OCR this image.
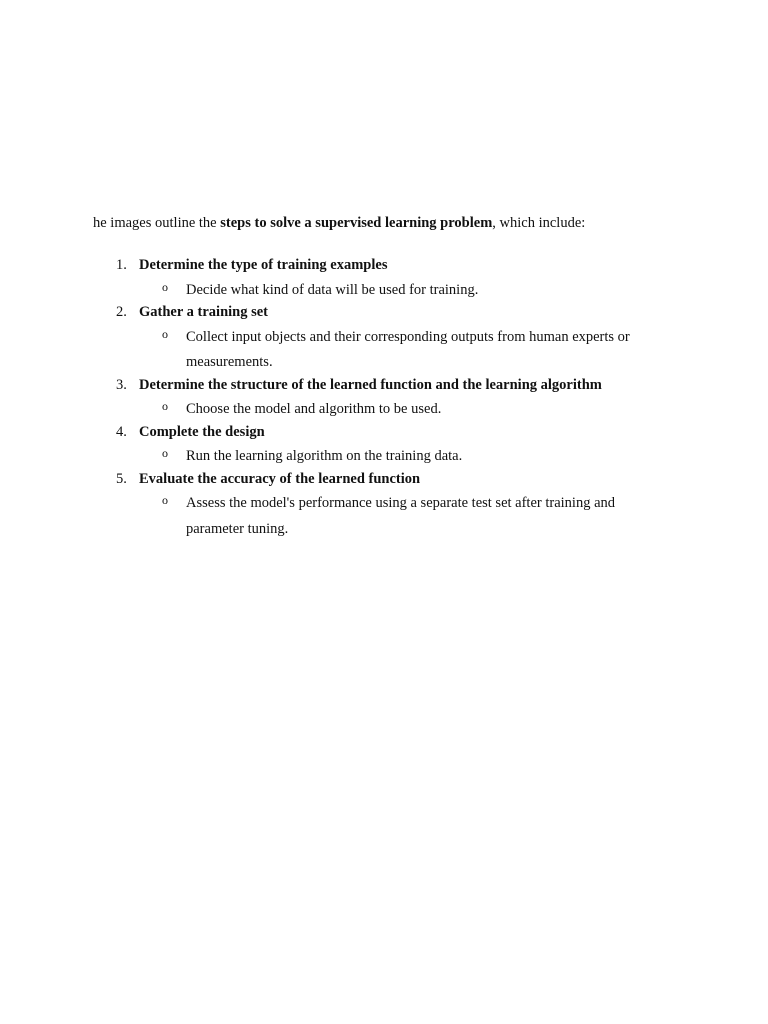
he images outline the steps to solve a supervised learning problem, which include:

1. Determine the type of training examples
o Decide what kind of data will be used for training.
2. Gather a training set
o Collect input objects and their corresponding outputs from human experts or measurements.
3. Determine the structure of the learned function and the learning algorithm
o Choose the model and algorithm to be used.
4. Complete the design
o Run the learning algorithm on the training data.
5. Evaluate the accuracy of the learned function
o Assess the model's performance using a separate test set after training and parameter tuning.
